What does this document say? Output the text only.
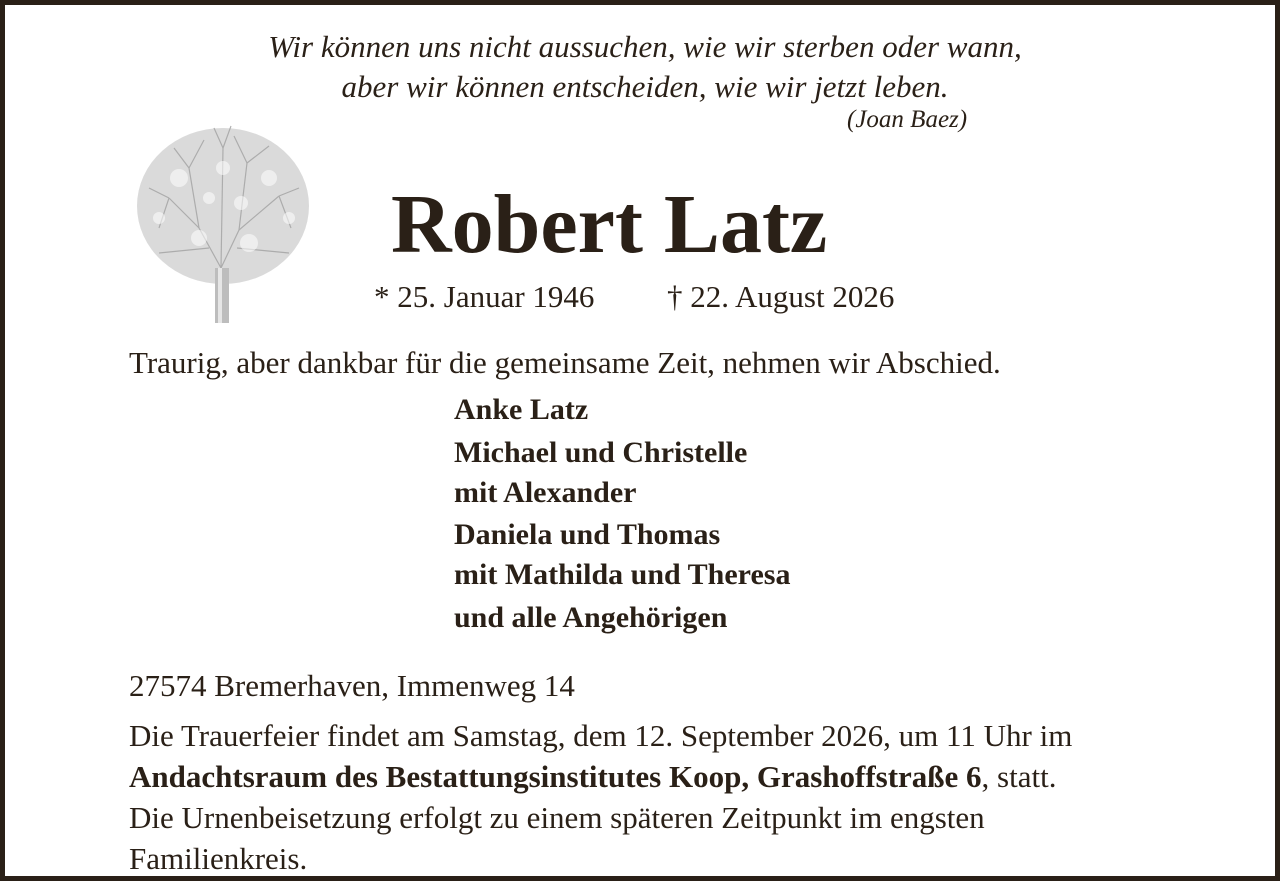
Wir können uns nicht aussuchen, wie wir sterben oder wann,
aber wir können entscheiden, wie wir jetzt leben.
(Joan Baez)
Robert Latz
* 25. Januar 1946 † 22. August 2026
Traurig, aber dankbar für die gemeinsame Zeit, nehmen wir Abschied.
Anke Latz
Michael und Christelle
mit Alexander
Daniela und Thomas
mit Mathilda und Theresa
und alle Angehörigen
27574 Bremerhaven, Immenweg 14

Die Trauerfeier findet am Samstag, dem 12. September 2026, um 11 Uhr im

Andachtsraum des Bestattungsinstitutes Koop, Grashoffstraße 6, statt.

Die Urnenbeisetzung erfolgt zu einem späteren Zeitpunkt im engsten

Familienkreis.
